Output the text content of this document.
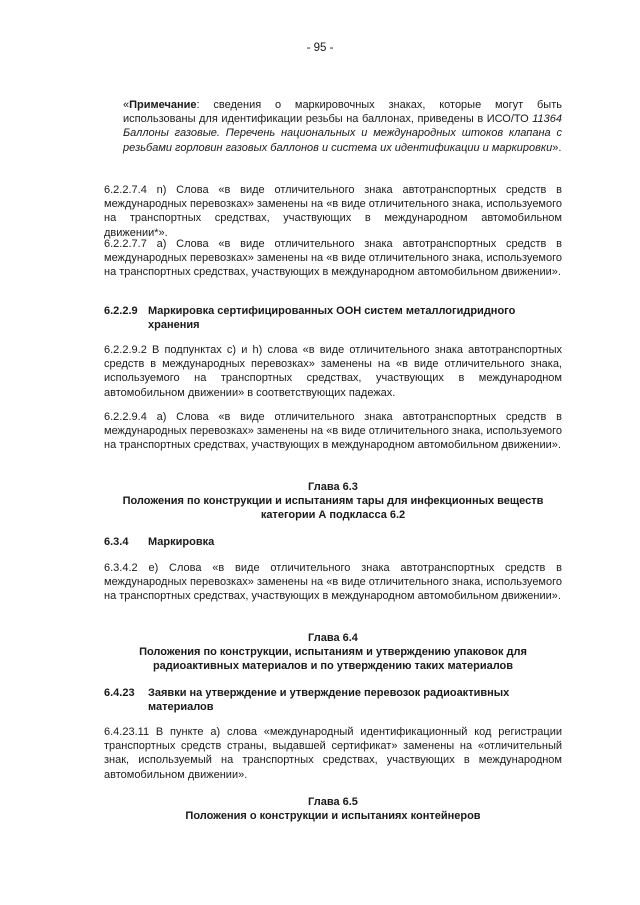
- 95 -

«Примечание: сведения о маркировочных знаках, которые могут быть использованы для идентификации резьбы на баллонах, приведены в ИСО/ТО 11364 Баллоны газовые. Перечень национальных и международных штоков клапана с резьбами горловин газовых баллонов и система их идентификации и маркировки».

6.2.2.7.4 n) Слова «в виде отличительного знака автотранспортных средств в международных перевозках» заменены на «в виде отличительного знака, используемого на транспортных средствах, участвующих в международном автомобильном движении*».

6.2.2.7.7 а) Слова «в виде отличительного знака автотранспортных средств в международных перевозках» заменены на «в виде отличительного знака, используемого на транспортных средствах, участвующих в международном автомобильном движении».

6.2.2.9 Маркировка сертифицированных ООН систем металлогидридного хранения

6.2.2.9.2 В подпунктах c) и h) слова «в виде отличительного знака автотранспортных средств в международных перевозках» заменены на «в виде отличительного знака, используемого на транспортных средствах, участвующих в международном автомобильном движении» в соответствующих падежах.

6.2.2.9.4 а) Слова «в виде отличительного знака автотранспортных средств в международных перевозках» заменены на «в виде отличительного знака, используемого на транспортных средствах, участвующих в международном автомобильном движении».

Глава 6.3
Положения по конструкции и испытаниям тары для инфекционных веществ категории А подкласса 6.2
6.3.4 Маркировка

6.3.4.2 e) Слова «в виде отличительного знака автотранспортных средств в международных перевозках» заменены на «в виде отличительного знака, используемого на транспортных средствах, участвующих в международном автомобильном движении».

Глава 6.4
Положения по конструкции, испытаниям и утверждению упаковок для радиоактивных материалов и по утверждению таких материалов
6.4.23 Заявки на утверждение и утверждение перевозок радиоактивных материалов

6.4.23.11 В пункте а) слова «международный идентификационный код регистрации транспортных средств страны, выдавшей сертификат» заменены на «отличительный знак, используемый на транспортных средствах, участвующих в международном автомобильном движении».

Глава 6.5
Положения о конструкции и испытаниях контейнеров
